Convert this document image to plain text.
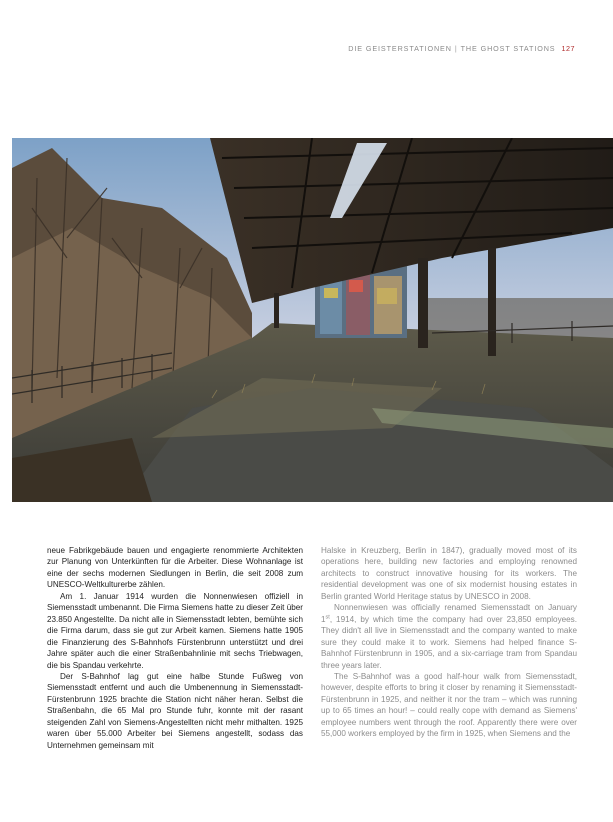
DIE GEISTERSTATIONEN | THE GHOST STATIONS 127

neue Fabrikgebäude bauen und engagierte renommierte Architekten zur Planung von Unterkünften für die Arbeiter. Diese Wohnanlage ist eine der sechs modernen Siedlungen in Berlin, die seit 2008 zum UNESCO-Weltkulturerbe zählen.

Am 1. Januar 1914 wurden die Nonnenwiesen offiziell in Siemensstadt umbenannt. Die Firma Siemens hatte zu dieser Zeit über 23.850 Angestellte. Da nicht alle in Siemensstadt lebten, bemühte sich die Firma darum, dass sie gut zur Arbeit kamen. Siemens hatte 1905 die Finanzierung des S-Bahnhofs Fürstenbrunn unterstützt und drei Jahre später auch die einer Straßenbahnlinie mit sechs Triebwagen, die bis Spandau verkehrte.

Der S-Bahnhof lag gut eine halbe Stunde Fußweg von Siemensstadt entfernt und auch die Umbenennung in Siemensstadt-Fürstenbrunn 1925 brachte die Station nicht näher heran. Selbst die Straßenbahn, die 65 Mal pro Stunde fuhr, konnte mit der rasant steigenden Zahl von Siemens-Angestellten nicht mehr mithalten. 1925 waren über 55.000 Arbeiter bei Siemens angestellt, sodass das Unternehmen gemeinsam mit

Halske in Kreuzberg, Berlin in 1847), gradually moved most of its operations here, building new factories and employing renowned architects to construct innovative housing for its workers. The residential development was one of six modernist housing estates in Berlin granted World Heritage status by UNESCO in 2008.

Nonnenwiesen was officially renamed Siemensstadt on January 1st, 1914, by which time the company had over 23,850 employees. They didn't all live in Siemensstadt and the company wanted to make sure they could make it to work. Siemens had helped finance S-Bahnhof Fürstenbrunn in 1905, and a six-carriage tram from Spandau three years later.

The S-Bahnhof was a good half-hour walk from Siemensstadt, however, despite efforts to bring it closer by renaming it Siemensstadt-Fürstenbrunn in 1925, and neither it nor the tram – which was running up to 65 times an hour! – could really cope with demand as Siemens' employee numbers went through the roof. Apparently there were over 55,000 workers employed by the firm in 1925, when Siemens and the
